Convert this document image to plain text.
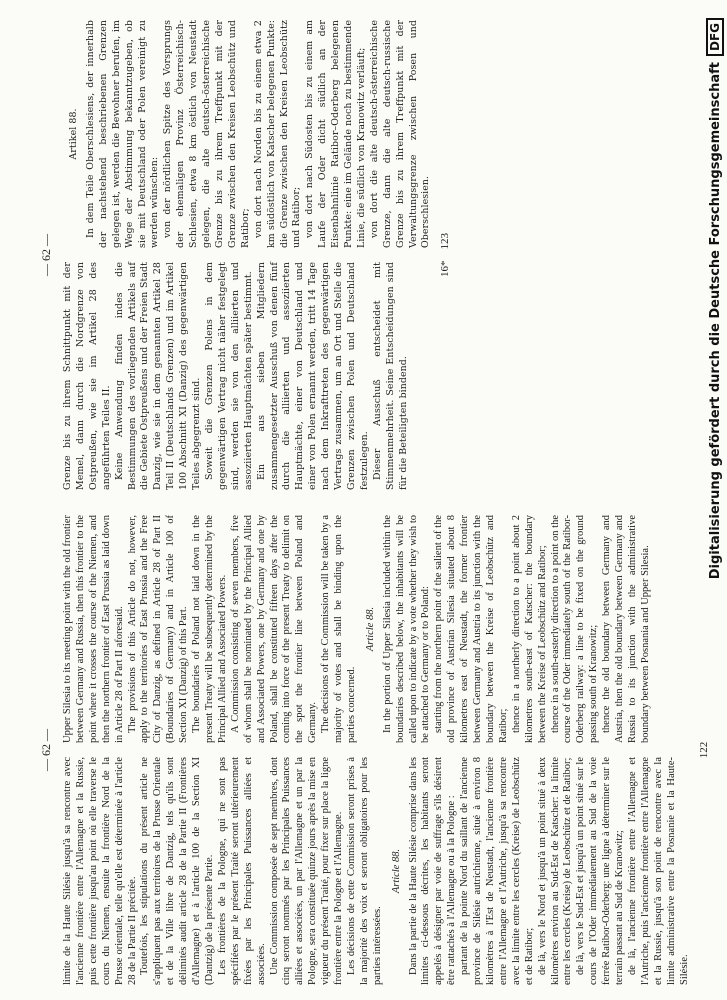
Digitalisierung gefördert durch die Deutsche Forschungsgemeinschaft
DFG
— 62 —

limite de la Haute Silésie jusqu'à sa rencontre avec l'ancienne frontière entre l'Allemagne et la Russie, puis cette frontière jusqu'au point où elle traverse le cours du Niemen, ensuite la frontière Nord de la Prusse orientale, telle qu'elle est déterminée à l'article 28 de la Partie II précitée. Toutefois, les stipulations du présent article ne s'appliquent pas aux territoires de la Prusse Orientale et de la Ville libre de Dantzig, tels qu'ils sont délimités audit article 28 de la Partie II (Frontières d'Allemagne) et à l'article 100 de la Section XI (Dantzig) de la présente Partie. Les frontières de la Pologne, qui ne sont pas spécifiées par le présent Traité seront ultérieurement fixées par les Principales Puissances alliées et associées. Une Commission composée de sept membres, dont cinq seront nommés par les Principales Puissances alliées et associées, un par l'Allemagne et un par la Pologne, sera constituée quinze jours après la mise en vigueur du présent Traité, pour fixer sur place la ligne frontière entre la Pologne et l'Allemagne. Les décisions de cette Commission seront prises à la majorité des voix et seront obligatoires pour les parties intéressées.

Article 88. Dans la partie de la Haute Silésie comprise dans les limites ci-dessous décrites, les habitants seront appelés à désigner par voie de suffrage s'ils désirent être rattachés à l'Allemagne ou à la Pologne : partant de la pointe Nord du saillant de l'ancienne province de Silésie autrichienne, situé à environ 8 kilomètres à l'Est de Neustadt, l'ancienne frontière entre l'Allemagne et l'Autriche, jusqu'à sa rencontre avec la limite entre les cercles (Kreise) de Leobschütz et de Ratibor; de là, vers le Nord et jusqu'à un point situé à deux kilomètres environ au Sud-Est de Katscher: la limite entre les cercles (Kreise) de Leobschütz et de Ratibor; de là, vers le Sud-Est et jusqu'à un point situé sur le cours de l'Oder immédiatement au Sud de la voie ferrée Ratibor-Oderberg: une ligne à déterminer sur le terrain passant au Sud de Kranowitz; de là, l'ancienne frontière entre l'Allemagne et l'Autriche, puis l'ancienne frontière entre l'Allemagne et la Russie, jusqu'à son point de rencontre avec la limite administrative entre la Posnanie et la Haute-Silésie.

Upper Silesia to its meeting point with the old frontier between Germany and Russia, then this frontier to the point where it crosses the course of the Niemen, and then the northern frontier of East Prussia as laid down in Article 28 of Part II aforesaid. The provisions of this Article do not, however, apply to the territories of East Prussia and the Free City of Danzig, as defined in Article 28 of Part II (Boundaries of Germany) and in Article 100 of Section XI (Danzig) of this Part. The boundaries of Poland not laid down in the present Treaty will be subsequently determined by the Principal Allied and Associated Powers. A Commission consisting of seven members, five of whom shall be nominated by the Principal Allied and Associated Powers, one by Germany and one by Poland, shall be constituted fifteen days after the coming into force of the present Treaty to delimit on the spot the frontier line between Poland and Germany. The decisions of the Commission will be taken by a majority of votes and shall be binding upon the parties concerned.

Article 88. In the portion of Upper Silesia included within the boundaries described below, the inhabitants will be called upon to indicate by a vote whether they wish to be attached to Germany or to Poland: starting from the northern point of the salient of the old province of Austrian Silesia situated about 8 kilometres east of Neustadt, the former frontier between Germany and Austria to its junction with the boundary between the Kreise of Leobschütz and Ratibor; thence in a northerly direction to a point about 2 kilometres south-east of Katscher: the boundary between the Kreise of Leobschütz and Ratibor; thence in a south-easterly direction to a point on the course of the Oder immediately south of the Ratibor-Oderberg railway: a line to be fixed on the ground passing south of Kranowitz; thence the old boundary between Germany and Austria, then the old boundary between Germany and Russia to its junction with the administrative boundary between Posnania and Upper Silesia.

122
— 62 —

Grenze bis zu ihrem Schnittpunkt mit der Memel, dann durch die Nordgrenze von Ostpreußen, wie sie im Artikel 28 des angeführten Teiles II. Keine Anwendung finden indes die Bestimmungen des vorliegenden Artikels auf die Gebiete Ostpreußens und der Freien Stadt Danzig, wie sie in dem genannten Artikel 28 Teil II (Deutschlands Grenzen) und im Artikel 100 Abschnitt XI (Danzig) des gegenwärtigen Teiles abgegrenzt sind. Soweit die Grenzen Polens in dem gegenwärtigen Vertrag nicht näher festgelegt sind, werden sie von den alliierten und assoziierten Hauptmächten später bestimmt. Ein aus sieben Mitgliedern zusammengesetzter Ausschuß von denen fünf durch die alliierten und assoziierten Hauptmächte, einer von Deutschland und einer von Polen ernannt werden, tritt 14 Tage nach dem Inkrafttreten des gegenwärtigen Vertrags zusammen, um an Ort und Stelle die Grenzen zwischen Polen und Deutschland festzulegen. Dieser Ausschuß entscheidet mit Stimmenmehrheit. Seine Entscheidungen sind für die Beteiligten bindend.

Artikel 88. In dem Teile Oberschlesiens, der innerhalb der nachstehend beschriebenen Grenzen gelegen ist, werden die Bewohner berufen, im Wege der Abstimmung bekanntzugeben, ob sie mit Deutschland oder Polen vereinigt zu werden wünschen: von der nördlichen Spitze des Vorsprungs der ehemaligen Provinz Österreichisch-Schlesien, etwa 8 km östlich von Neustadt gelegen, die alte deutsch-österreichische Grenze bis zu ihrem Treffpunkt mit der Grenze zwischen den Kreisen Leobschütz und Ratibor; von dort nach Norden bis zu einem etwa 2 km südöstlich von Katscher belegenen Punkte: die Grenze zwischen den Kreisen Leobschütz und Ratibor; von dort nach Südosten bis zu einem am Laufe der Oder dicht südlich an der Eisenbahnlinie Ratibor–Oderberg belegenen Punkte: eine im Gelände noch zu bestimmende Linie, die südlich von Kranowitz verläuft; von dort die alte deutsch-österreichische Grenze, dann die alte deutsch-russische Grenze bis zu ihrem Treffpunkt mit der Verwaltungsgrenze zwischen Posen und Oberschlesien.

16*    123
